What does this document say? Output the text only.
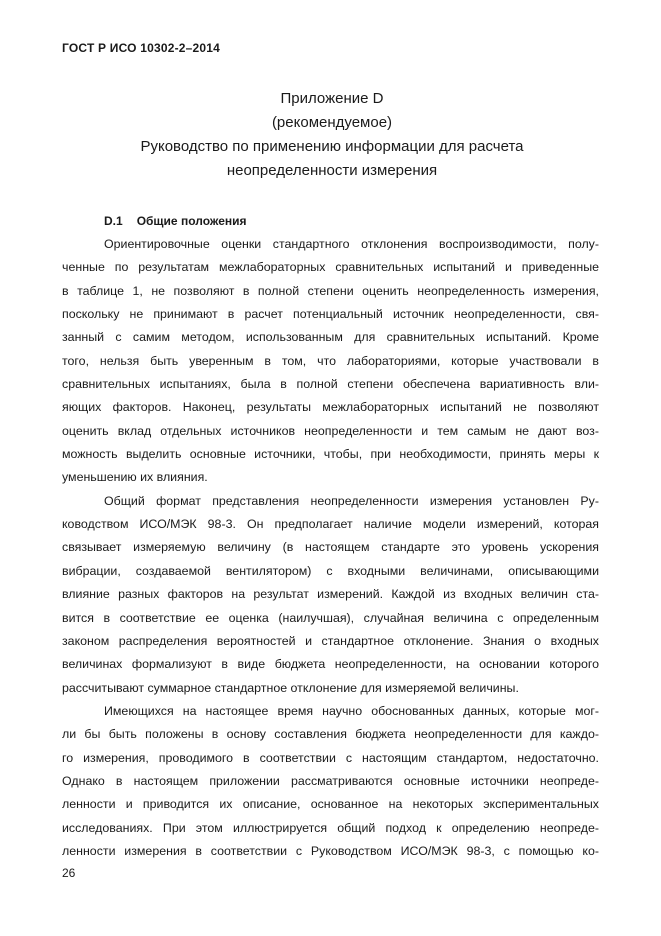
ГОСТ Р ИСО 10302-2–2014
Приложение D
(рекомендуемое)
Руководство по применению информации для расчета
неопределенности измерения
D.1 Общие положения
Ориентировочные оценки стандартного отклонения воспроизводимости, полу-
ченные по результатам межлабораторных сравнительных испытаний и приведенные
в таблице 1, не позволяют в полной степени оценить неопределенность измерения,
поскольку не принимают в расчет потенциальный источник неопределенности, свя-
занный с самим методом, использованным для сравнительных испытаний. Кроме
того, нельзя быть уверенным в том, что лабораториями, которые участвовали в
сравнительных испытаниях, была в полной степени обеспечена вариативность вли-
яющих факторов. Наконец, результаты межлабораторных испытаний не позволяют
оценить вклад отдельных источников неопределенности и тем самым не дают воз-
можность выделить основные источники, чтобы, при необходимости, принять меры к
уменьшению их влияния.
Общий формат представления неопределенности измерения установлен Ру-
ководством ИСО/МЭК 98-3. Он предполагает наличие модели измерений, которая
связывает измеряемую величину (в настоящем стандарте это уровень ускорения
вибрации, создаваемой вентилятором) с входными величинами, описывающими
влияние разных факторов на результат измерений. Каждой из входных величин ста-
вится в соответствие ее оценка (наилучшая), случайная величина с определенным
законом распределения вероятностей и стандартное отклонение. Знания о входных
величинах формализуют в виде бюджета неопределенности, на основании которого
рассчитывают суммарное стандартное отклонение для измеряемой величины.
Имеющихся на настоящее время научно обоснованных данных, которые мог-
ли бы быть положены в основу составления бюджета неопределенности для каждо-
го измерения, проводимого в соответствии с настоящим стандартом, недостаточно.
Однако в настоящем приложении рассматриваются основные источники неопреде-
ленности и приводится их описание, основанное на некоторых экспериментальных
исследованиях. При этом иллюстрируется общий подход к определению неопреде-
ленности измерения в соответствии с Руководством ИСО/МЭК 98-3, с помощью ко-
26
